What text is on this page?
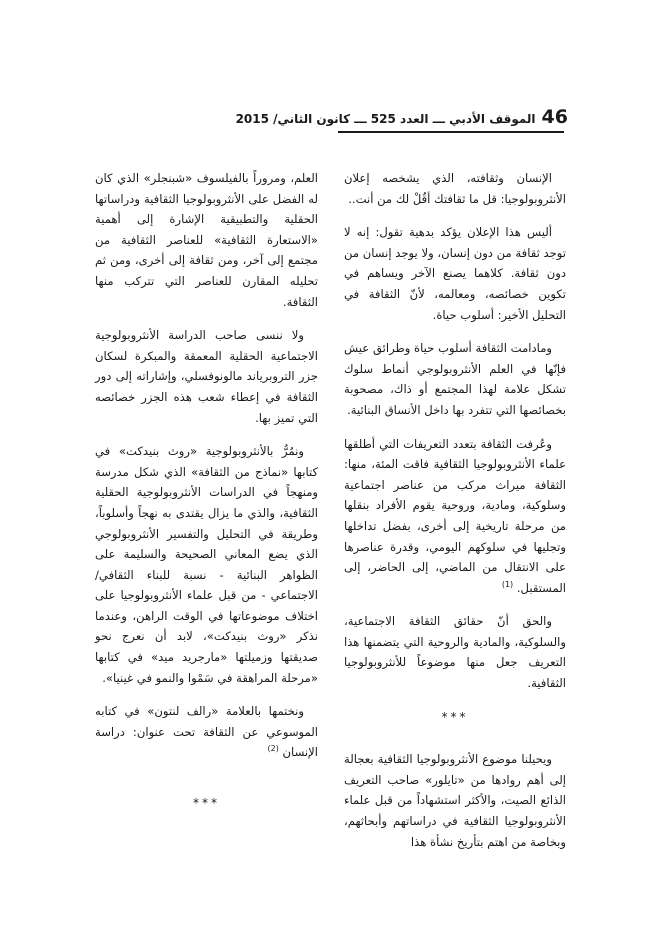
46
الموقف الأدبي ـــ العدد 525 ـــ كانون الثاني/ 2015

الإنسان وثقافته، الذي يشخصه إعلان الأنثروبولوجيا: قل ما ثقافتك أقُلْ لك من أنت..

أليس هذا الإعلان يؤكد بدهية تقول: إنه لا توجد ثقافة من دون إنسان، ولا يوجد إنسان من دون ثقافة. كلاهما يصنع الآخر ويساهم في تكوين خصائصه، ومعالمه، لأنّ الثقافة في التحليل الأخير: أسلوب حياة.

ومادامت الثقافة أسلوب حياة وطرائق عيش فإنّها في العلم الأنثروبولوجي أنماط سلوك تشكل علامة لهذا المجتمع أو ذاك، مصحوبة بخصائصها التي تتفرد بها داخل الأنساق البنائية.

وعُرفت الثقافة بتعدد التعريفات التي أطلقها علماء الأنثروبولوجيا الثقافية فاقت المئة، منها: الثقافة ميراث مركب من عناصر اجتماعية وسلوكية، ومادية، وروحية يقوم الأفراد بنقلها من مرحلة تاريخية إلى أخرى، بفضل تداخلها وتجليها في سلوكهم اليومي، وقدرة عناصرها على الانتقال من الماضي، إلى الحاضر، إلى المستقبل. $^{(1)}$

والحق أنّ حقائق الثقافة الاجتماعية، والسلوكية، والمادية والروحية التي يتضمنها هذا التعريف جعل منها موضوعاً للأنثروبولوجيا الثقافية.

***

ويحيلنا موضوع الأنثروبولوجيا الثقافية بعجالة إلى أهم روادها من «تايلور» صاحب التعريف الذائع الصيت، والأكثر استشهاداً من قبل علماء الأنثروبولوجيا الثقافية في دراساتهم وأبحاثهم، وبخاصة من اهتم بتأريخ نشأة هذا

العلم، ومروراً بالفيلسوف «شبنجلر» الذي كان له الفضل على الأنثروبولوجيا الثقافية ودراساتها الحقلية والتطبيقية الإشارة إلى أهمية «الاستعارة الثقافية» للعناصر الثقافية من مجتمع إلى آخر، ومن ثقافة إلى أخرى، ومن ثم تحليله المقارن للعناصر التي تتركب منها الثقافة.

ولا ننسى صاحب الدراسة الأنثروبولوجية الاجتماعية الحقلية المعمقة والمبكرة لسكان جزر التروبرياند مالونوفسلي، وإشاراته إلى دور الثقافة في إعطاء شعب هذه الجزر خصائصه التي تميز بها.

ونمُرُّ بالأنثروبولوجية «روث بنيدكت» في كتابها «نماذج من الثقافة» الذي شكل مدرسة ومنهجاً في الدراسات الأنثروبولوجية الحقلية الثقافية، والذي ما يزال يقتدى به نهجاً وأسلوباً، وطريقة في التحليل والتفسير الأنثروبولوجي الذي يضع المعاني الصحيحة والسليمة على الظواهر البنائية - نسبة للبناء الثقافي/ الاجتماعي - من قبل علماء الأنثروبولوجيا على اختلاف موضوعاتها في الوقت الراهن، وعندما نذكر «روث بنيدكت»، لابد أن نعرج نحو صديقتها وزميلتها «مارجريد ميد» في كتابها «مرحلة المراهقة في سَمْوا والنمو في غينيا».

ونختمها بالعلامة «رالف لنتون» في كتابه الموسوعي عن الثقافة تحت عنوان: دراسة الإنسان $^{(2)}$

***
